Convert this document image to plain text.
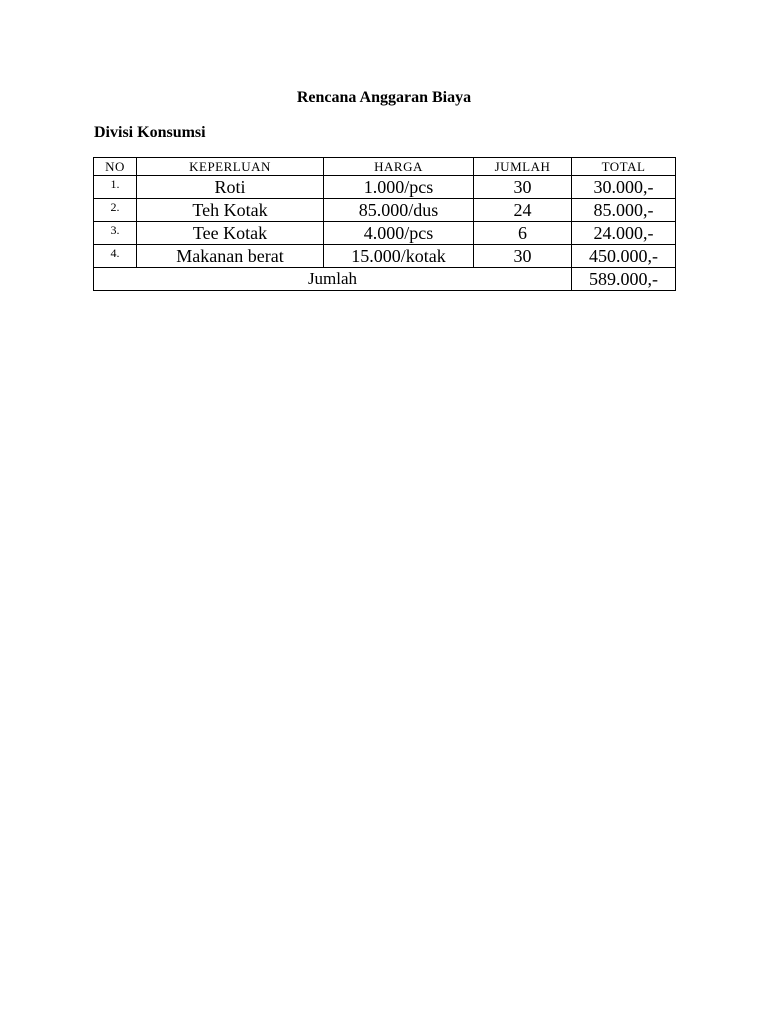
Rencana Anggaran Biaya
Divisi Konsumsi
NO	KEPERLUAN	HARGA	JUMLAH	TOTAL
1.	Roti	1.000/pcs	30	30.000,-
2.	Teh Kotak	85.000/dus	24	85.000,-
3.	Tee Kotak	4.000/pcs	6	24.000,-
4.	Makanan berat	15.000/kotak	30	450.000,-
Jumlah				589.000,-
